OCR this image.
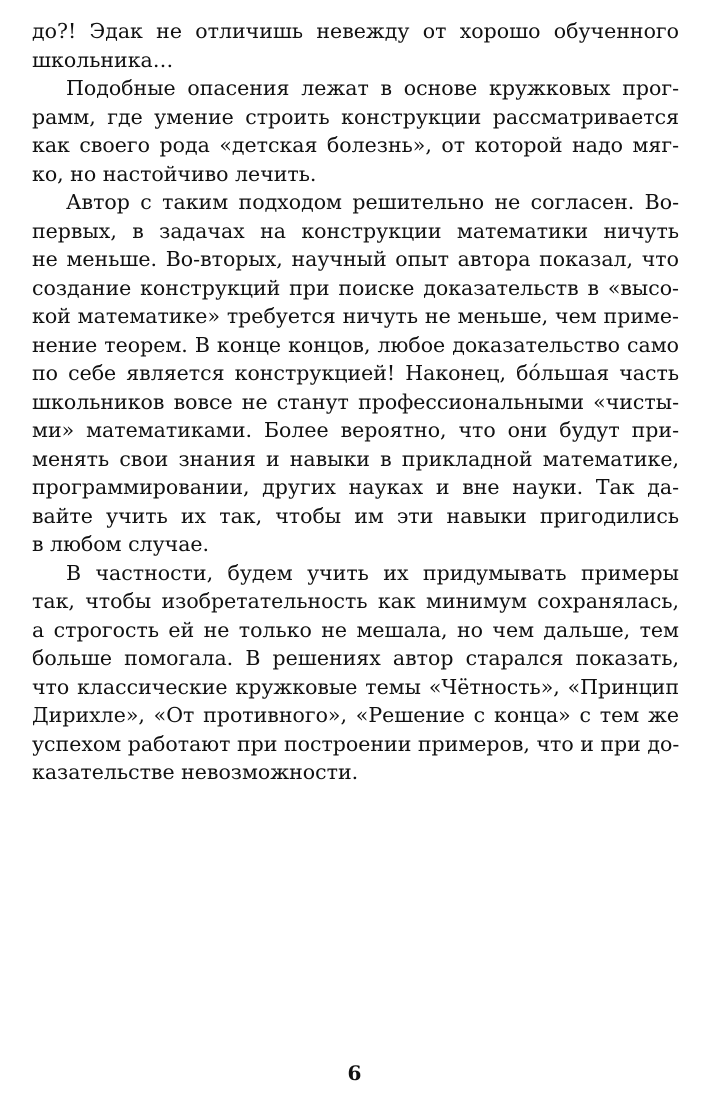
до?! Эдак не отличишь невежду от хорошо обученного
школьника…
Подобные опасения лежат в основе кружковых прог-
рамм, где умение строить конструкции рассматривается
как своего рода «детская болезнь», от которой надо мяг-
ко, но настойчиво лечить.
Автор с таким подходом решительно не согласен. Во-
первых, в задачах на конструкции математики ничуть
не меньше. Во-вторых, научный опыт автора показал, что
создание конструкций при поиске доказательств в «высо-
кой математике» требуется ничуть не меньше, чем приме-
нение теорем. В конце концов, любое доказательство само
по себе является конструкцией! Наконец, бóльшая часть
школьников вовсе не станут профессиональными «чисты-
ми» математиками. Более вероятно, что они будут при-
менять свои знания и навыки в прикладной математике,
программировании, других науках и вне науки. Так да-
вайте учить их так, чтобы им эти навыки пригодились
в любом случае.
В частности, будем учить их придумывать примеры
так, чтобы изобретательность как минимум сохранялась,
а строгость ей не только не мешала, но чем дальше, тем
больше помогала. В решениях автор старался показать,
что классические кружковые темы «Чётность», «Принцип
Дирихле», «От противного», «Решение с конца» с тем же
успехом работают при построении примеров, что и при до-
казательстве невозможности.
6
